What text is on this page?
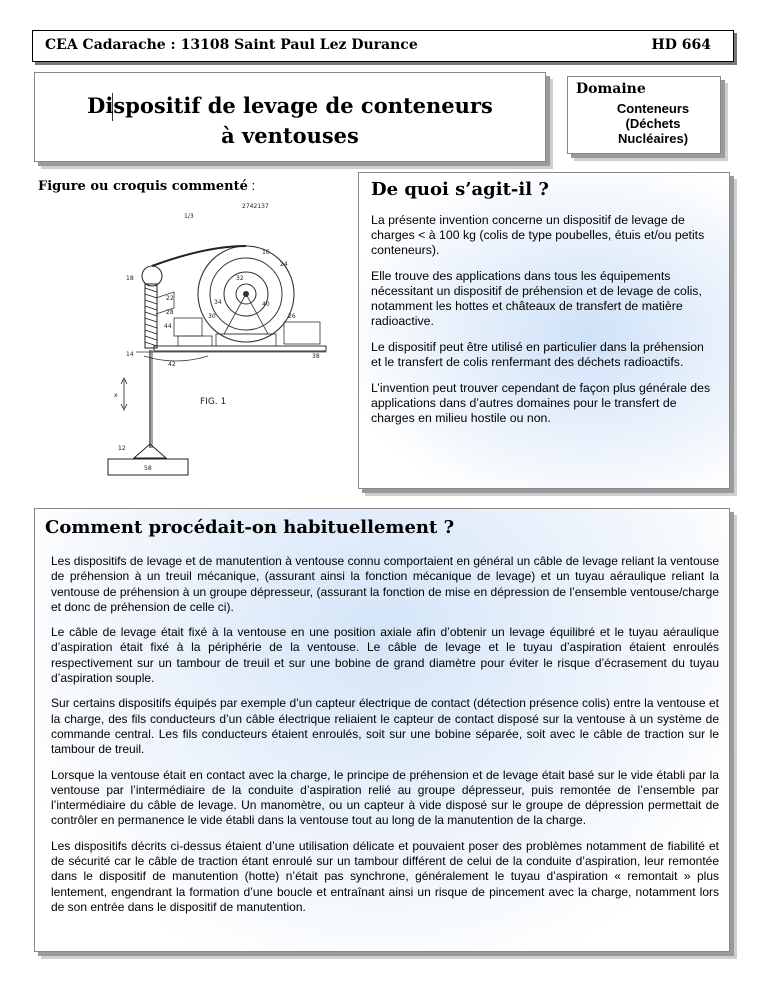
CEA Cadarache : 13108 Saint Paul Lez Durance	HD 664
Dispositif de levage de conteneurs
à ventouses
Domaine
Conteneurs
(Déchets
Nucléaires)
Figure ou croquis commenté :
2742137
1/3
x
FIG. 1
16
24
18	32
22
34	40
28
26
30
44
14	38
42
12
58
De quoi s’agit-il ?

La présente invention concerne un dispositif de levage de charges < à 100 kg (colis de type poubelles, étuis et/ou petits conteneurs).

Elle trouve des applications dans tous les équipements nécessitant un dispositif de préhension et de levage de colis, notamment les hottes et châteaux de transfert de matière radioactive.

Le dispositif peut être utilisé en particulier dans la préhension et le transfert de colis renfermant des déchets radioactifs.

L’invention peut trouver cependant de façon plus générale des applications dans d’autres domaines pour le transfert de charges en milieu hostile ou non.

Comment procédait-on habituellement ?

Les dispositifs de levage et de manutention à ventouse connu comportaient en général un câble de levage reliant la ventouse de préhension à un treuil mécanique, (assurant ainsi la fonction mécanique de levage) et un tuyau aéraulique reliant la ventouse de préhension à un groupe dépresseur, (assurant la fonction de mise en dépression de l’ensemble ventouse/charge et donc de préhension de celle ci).

Le câble de levage était fixé à la ventouse en une position axiale afin d’obtenir un levage équilibré et le tuyau aéraulique d’aspiration était fixé à la périphérie de la ventouse. Le câble de levage et le tuyau d’aspiration étaient enroulés respectivement sur un tambour de treuil et sur une bobine de grand diamètre pour éviter le risque d’écrasement du tuyau d’aspiration souple.

Sur certains dispositifs équipés par exemple d’un capteur électrique de contact (détection présence colis) entre la ventouse et la charge, des fils conducteurs d’un câble électrique reliaient le capteur de contact disposé sur la ventouse à un système de commande central. Les fils conducteurs étaient enroulés, soit sur une bobine séparée, soit avec le câble de traction sur le tambour de treuil.

Lorsque la ventouse était en contact avec la charge, le principe de préhension et de levage était basé sur le vide établi par la ventouse par l’intermédiaire de la conduite d’aspiration relié au groupe dépresseur, puis remontée de l’ensemble par l’intermédiaire du câble de levage. Un manomètre, ou un capteur à vide disposé sur le groupe de dépression permettait de contrôler en permanence le vide établi dans la ventouse tout au long de la manutention de la charge.

Les dispositifs décrits ci-dessus étaient d’une utilisation délicate et pouvaient poser des problèmes notamment de fiabilité et de sécurité car le câble de traction étant enroulé sur un tambour différent de celui de la conduite d’aspiration, leur remontée dans le dispositif de manutention (hotte) n’était pas synchrone, généralement le tuyau d’aspiration « remontait » plus lentement, engendrant la formation d’une boucle et entraînant ainsi un risque de pincement avec la charge, notamment lors de son entrée dans le dispositif de manutention.
